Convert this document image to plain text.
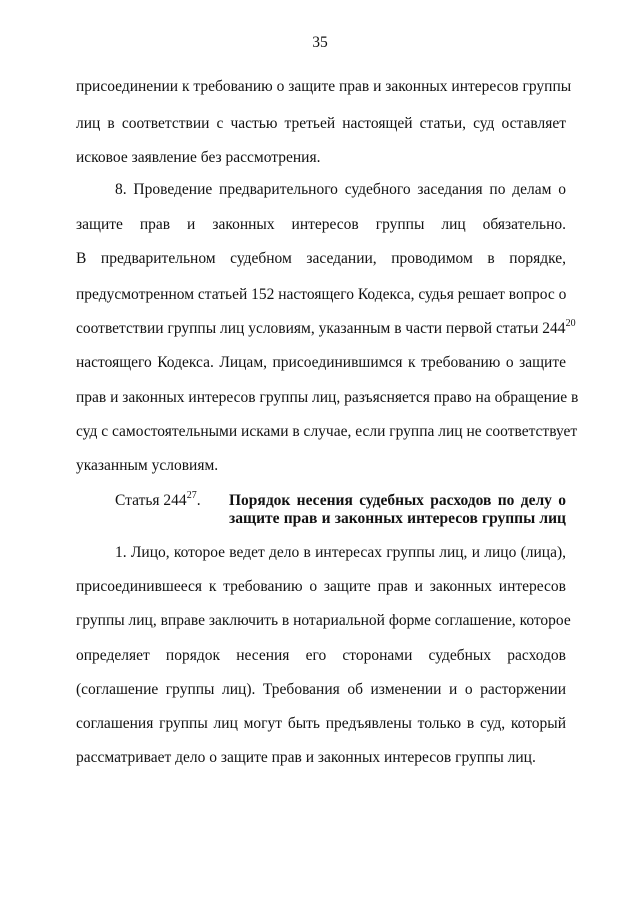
35
присоединении к требованию о защите прав и законных интересов группы
лиц в соответствии с частью третьей настоящей статьи, суд оставляет
исковое заявление без рассмотрения.
8. Проведение предварительного судебного заседания по делам о
защите прав и законных интересов группы лиц обязательно.
В предварительном судебном заседании, проводимом в порядке,
предусмотренном статьей 152 настоящего Кодекса, судья решает вопрос о
соответствии группы лиц условиям, указанным в части первой статьи $244^{20}$
настоящего Кодекса. Лицам, присоединившимся к требованию о защите
прав и законных интересов группы лиц, разъясняется право на обращение в
суд с самостоятельными исками в случае, если группа лиц не соответствует
указанным условиям.
Статья $244^{27}$. Порядок несения судебных расходов по делу о
защите прав и законных интересов группы лиц
1. Лицо, которое ведет дело в интересах группы лиц, и лицо (лица),
присоединившееся к требованию о защите прав и законных интересов
группы лиц, вправе заключить в нотариальной форме соглашение, которое
определяет порядок несения его сторонами судебных расходов
(соглашение группы лиц). Требования об изменении и о расторжении
соглашения группы лиц могут быть предъявлены только в суд, который
рассматривает дело о защите прав и законных интересов группы лиц.
